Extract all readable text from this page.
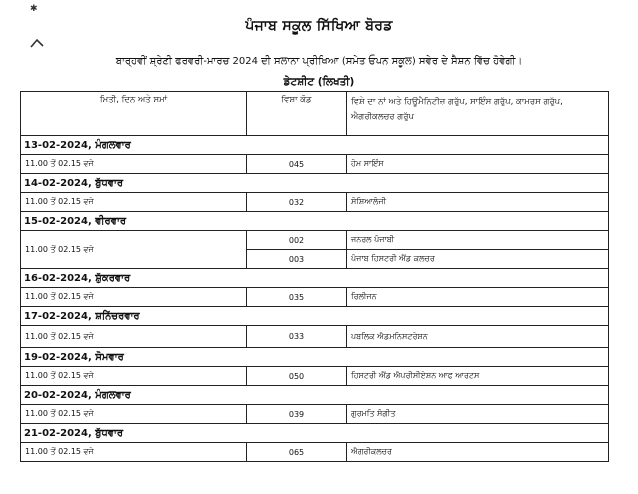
✱
ਪੰਜਾਬ ਸਕੂਲ ਸਿੱਖਿਆ ਬੋਰਡ
ਬਾਰ੍ਹਵੀਂ ਸ਼੍ਰੇਣੀ ਫਰਵਰੀ-ਮਾਰਚ 2024 ਦੀ ਸਲਾਨਾ ਪ੍ਰੀਖਿਆ (ਸਮੇਤ ਓਪਨ ਸਕੂਲ) ਸਵੇਰ ਦੇ ਸੈਸ਼ਨ ਵਿੱਚ ਹੋਵੇਗੀ।
ਡੇਟਸ਼ੀਟ (ਲਿਖਤੀ)
ਮਿਤੀ, ਦਿਨ ਅਤੇ ਸਮਾਂ	ਵਿਸ਼ਾ ਕੋਡ	ਵਿਸ਼ੇ ਦਾ ਨਾਂ ਅਤੇ ਹਿਊਮੈਨਿਟੀਜ਼ ਗਰੁੱਪ, ਸਾਇੰਸ ਗਰੁੱਪ, ਕਾਮਰਸ ਗਰੁੱਪ, ਐਗਰੀਕਲਚਰ ਗਰੁੱਪ
13-02-2024, ਮੰਗਲਵਾਰ		
11.00 ਤੋਂ 02.15 ਵਜੇ	045	ਹੋਮ ਸਾਇੰਸ
14-02-2024, ਬੁੱਧਵਾਰ		
11.00 ਤੋਂ 02.15 ਵਜੇ	032	ਸੋਸ਼ਿਆਲੋਜੀ
15-02-2024, ਵੀਰਵਾਰ		
11.00 ਤੋਂ 02.15 ਵਜੇ	002	ਜਨਰਲ ਪੰਜਾਬੀ
	003	ਪੰਜਾਬ ਹਿਸਟਰੀ ਐਂਡ ਕਲਚਰ
16-02-2024, ਸ਼ੁੱਕਰਵਾਰ		
11.00 ਤੋਂ 02.15 ਵਜੇ	035	ਰਿਲੀਜਨ
17-02-2024, ਸ਼ਨਿੱਚਰਵਾਰ		
11.00 ਤੋਂ 02.15 ਵਜੇ	033	ਪਬਲਿਕ ਐਡਮਨਿਸਟਰੇਸ਼ਨ
19-02-2024, ਸੋਮਵਾਰ		
11.00 ਤੋਂ 02.15 ਵਜੇ	050	ਹਿਸਟਰੀ ਐਂਡ ਐਪਰੀਸੀਏਸ਼ਨ ਆਫ ਆਰਟਸ
20-02-2024, ਮੰਗਲਵਾਰ		
11.00 ਤੋਂ 02.15 ਵਜੇ	039	ਗੁਰਮਤਿ ਸੰਗੀਤ
21-02-2024, ਬੁੱਧਵਾਰ		
11.00 ਤੋਂ 02.15 ਵਜੇ	065	ਐਗਰੀਕਲਚਰ
